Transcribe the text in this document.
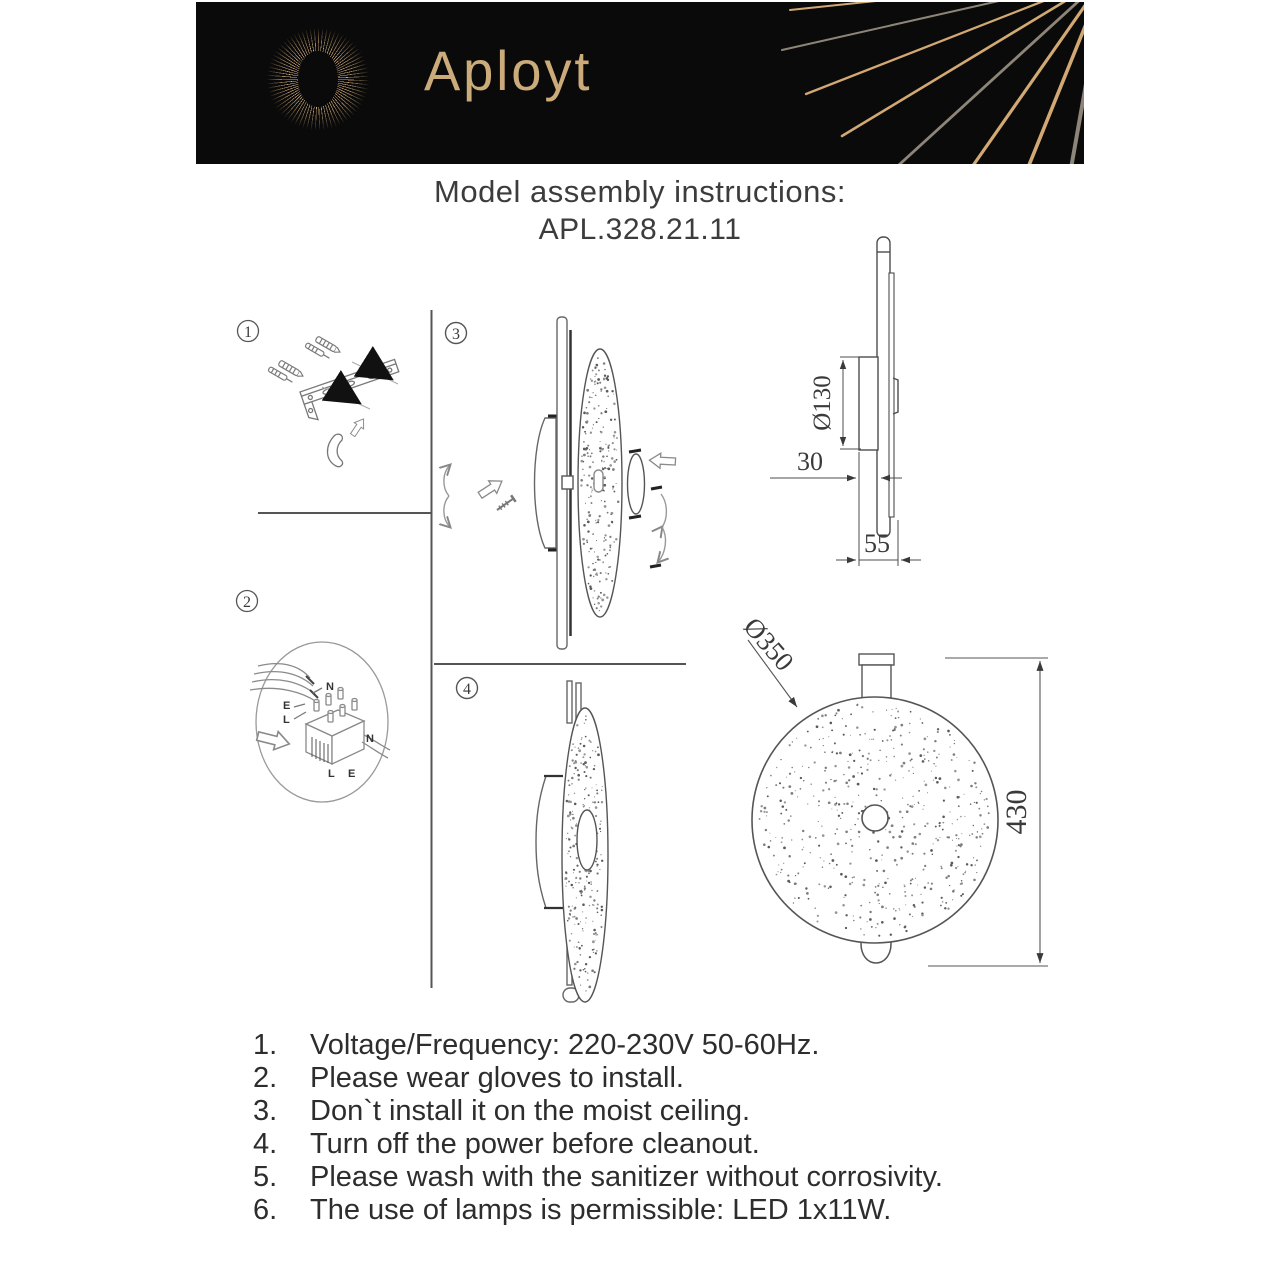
Aployt
Model assembly instructions:
APL.328.21.11
1
2
N
E
L
N
L E
3
4
Ø130
30
55
Ø350
430
1.	Voltage/Frequency: 220-230V 50-60Hz.
2.	Please wear gloves to install.
3.	Don`t install it on the moist ceiling.
4.	Turn off the power before cleanout.
5.	Please wash with the sanitizer without corrosivity.
6.	The use of lamps is permissible: LED 1x11W.
